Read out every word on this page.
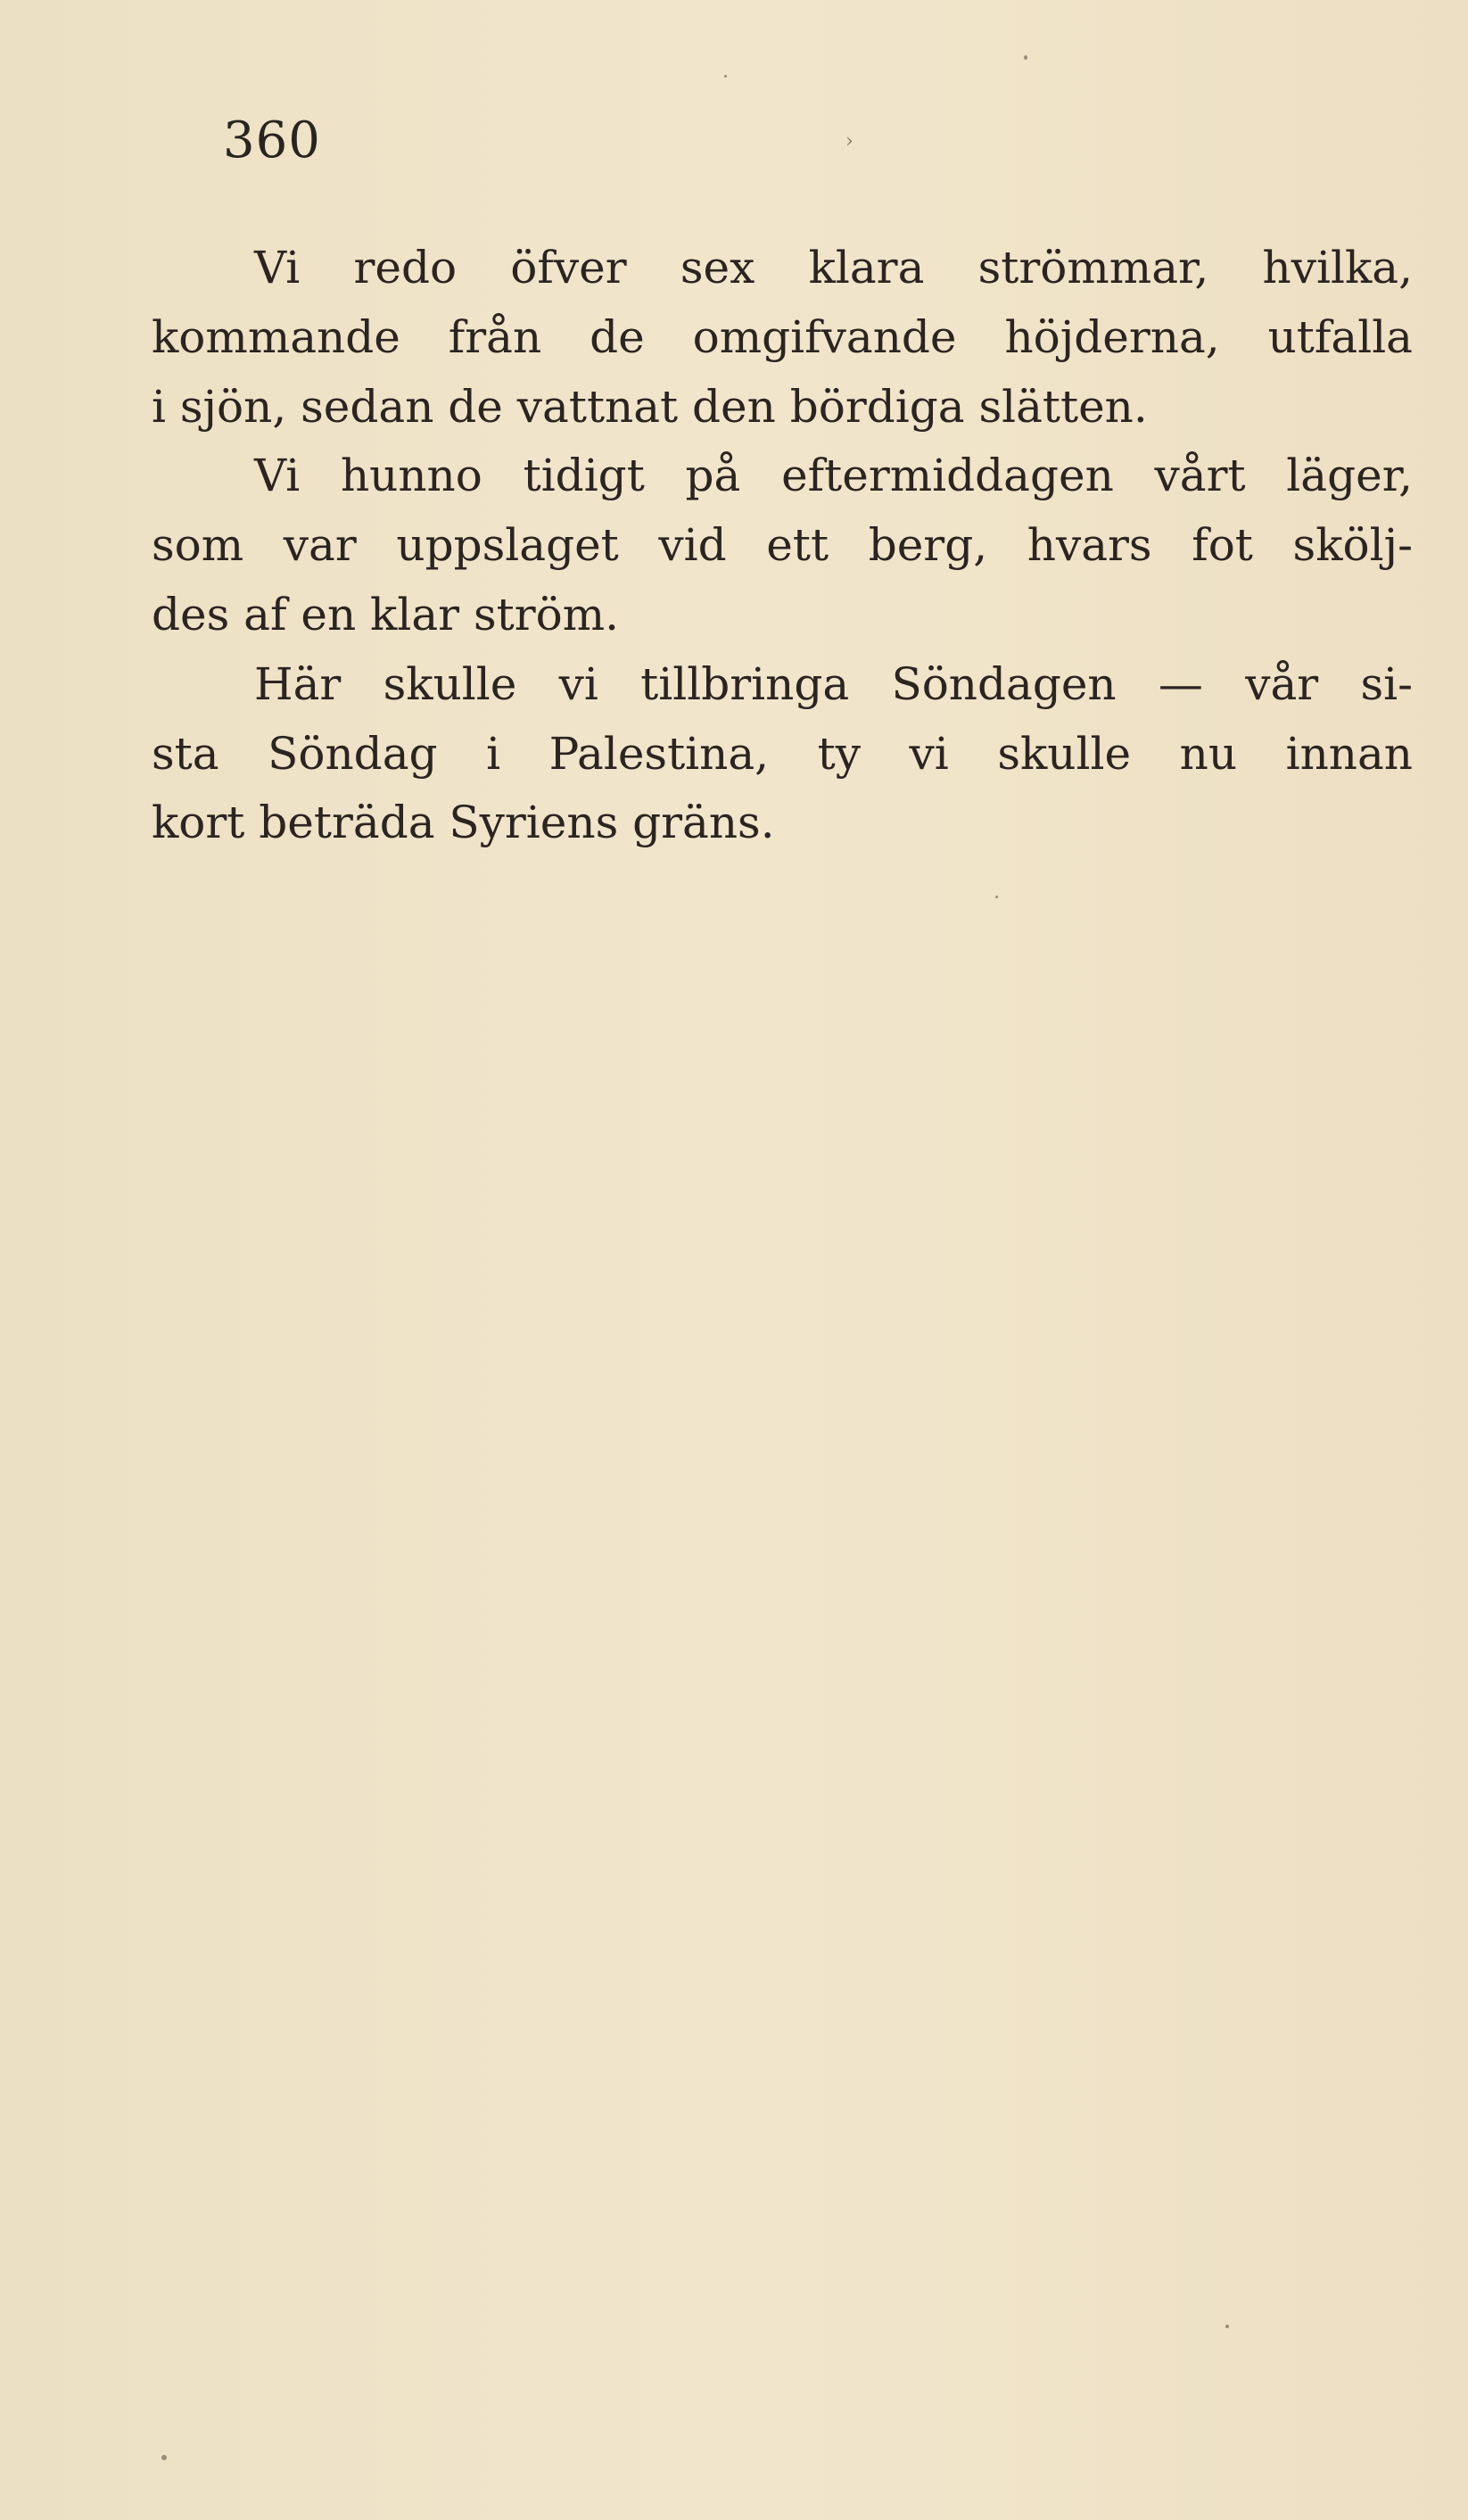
360	›
Vi redo öfver sex klara strömmar, hvilka,
kommande från de omgifvande höjderna, utfalla
i sjön, sedan de vattnat den bördiga slätten.
Vi hunno tidigt på eftermiddagen vårt läger,
som var uppslaget vid ett berg, hvars fot skölj-
des af en klar ström.
Här skulle vi tillbringa Söndagen — vår si-
sta Söndag i Palestina, ty vi skulle nu innan
kort beträda Syriens gräns.
